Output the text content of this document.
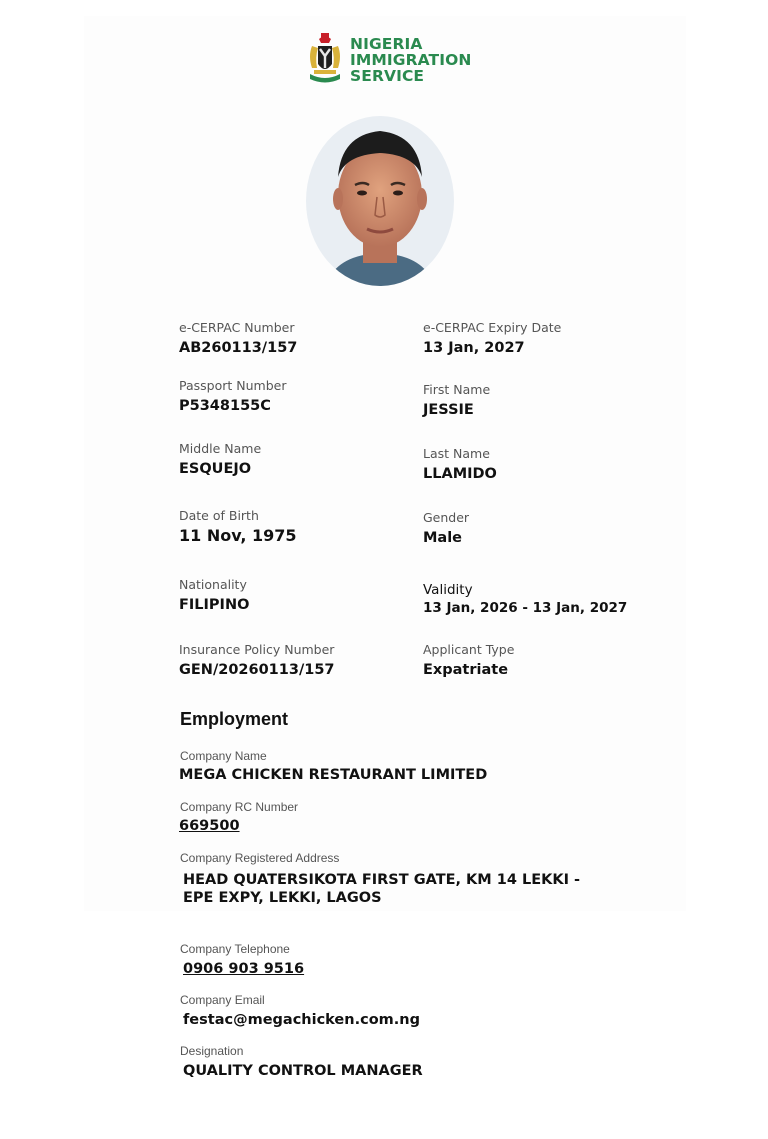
NIGERIA
IMMIGRATION
SERVICE
e-CERPAC Number
AB260113/157
Passport Number
P5348155C
Middle Name
ESQUEJO
Date of Birth
11 Nov, 1975
Nationality
FILIPINO
Insurance Policy Number
GEN/20260113/157
e-CERPAC Expiry Date
13 Jan, 2027
First Name
JESSIE
Last Name
LLAMIDO
Gender
Male
Validity
13 Jan, 2026 - 13 Jan, 2027
Applicant Type
Expatriate
Employment
Company Name
MEGA CHICKEN RESTAURANT LIMITED
Company RC Number
669500
Company Registered Address
HEAD QUATERSIKOTA FIRST GATE, KM 14 LEKKI -
EPE EXPY, LEKKI, LAGOS
Company Telephone
0906 903 9516
Company Email
festac@megachicken.com.ng
Designation
QUALITY CONTROL MANAGER
